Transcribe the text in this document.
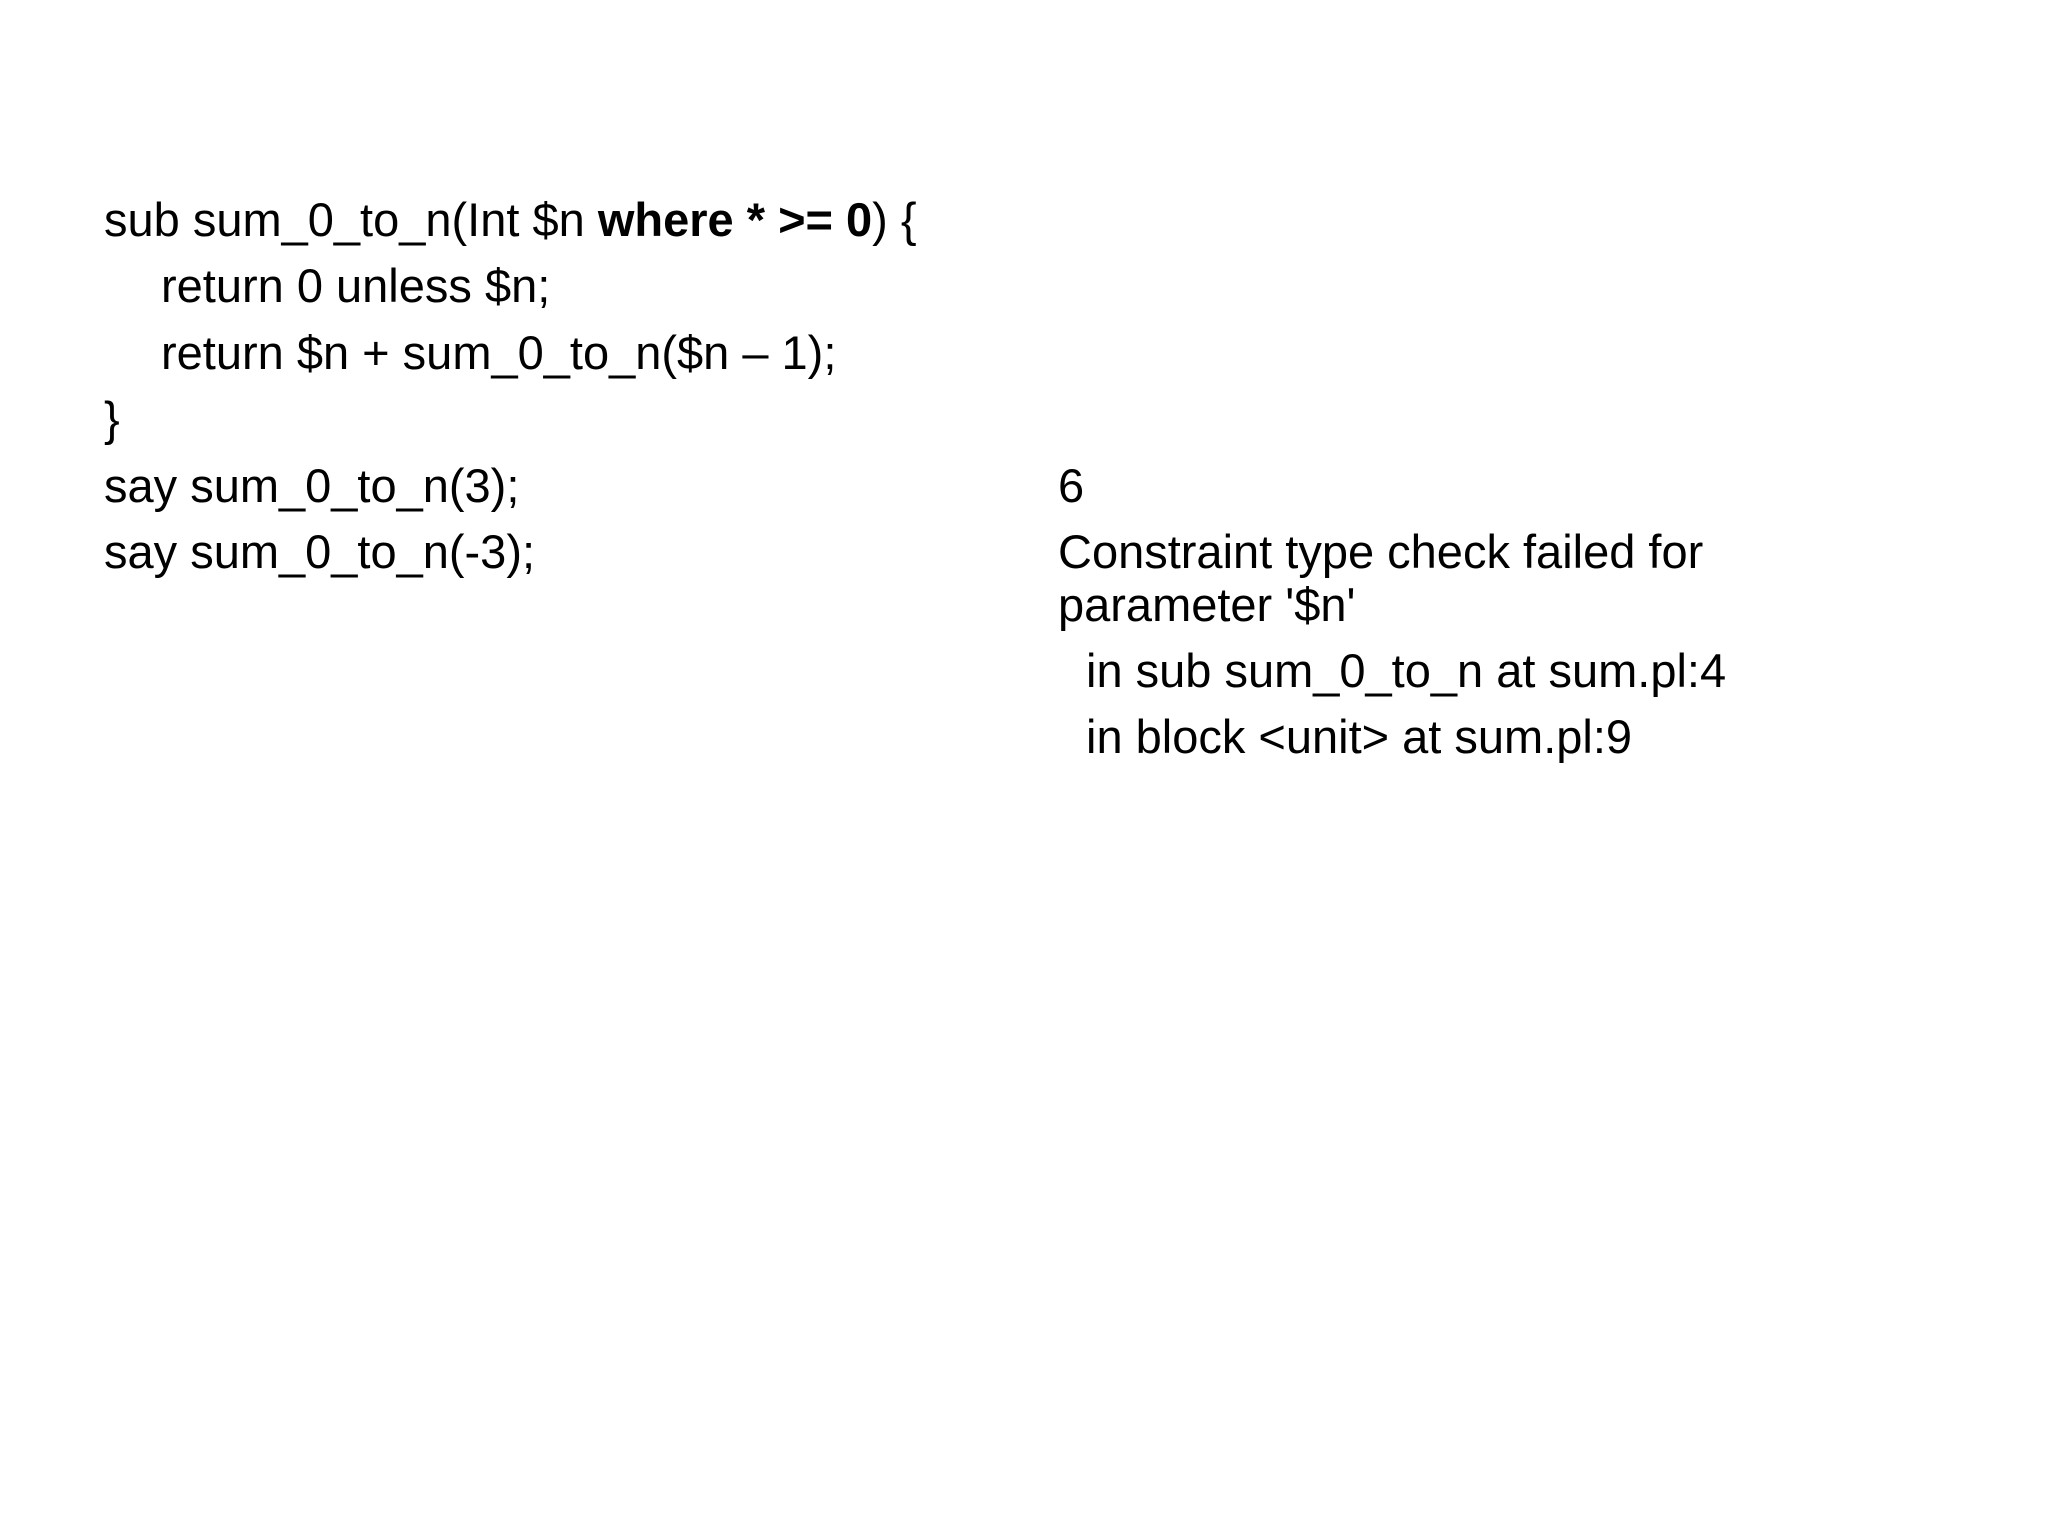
sub sum_0_to_n(Int $n where * >= 0) {
return 0 unless $n;
return $n + sum_0_to_n($n – 1);
}
say sum_0_to_n(3);
say sum_0_to_n(-3);
6
Constraint type check failed for
parameter '$n'
in sub sum_0_to_n at sum.pl:4
in block <unit> at sum.pl:9
